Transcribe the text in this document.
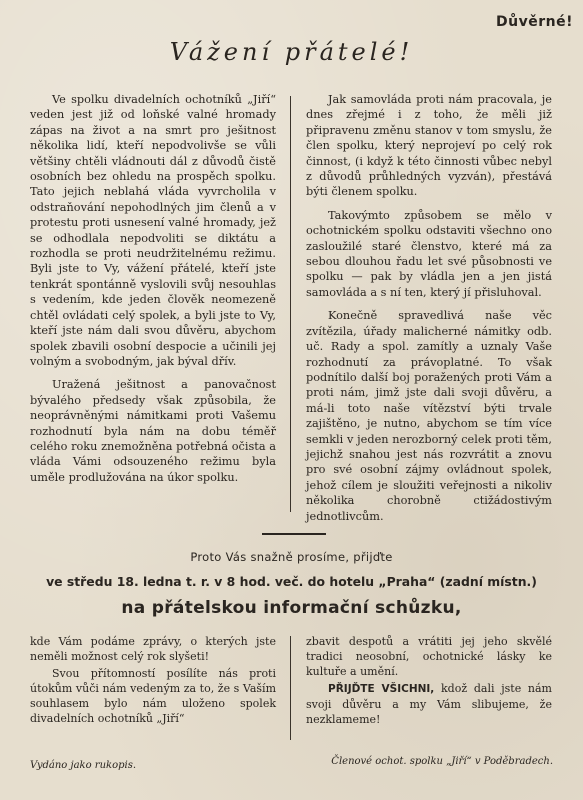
Důvěrné!
Vážení přátelé!

Ve spolku divadelních ochotníků „Jiří“ veden jest již od loňské valné hromady zápas na život a na smrt pro ješitnost několika lidí, kteří nepodvolivše se vůli většiny chtěli vládnouti dál z důvodů čistě osobních bez ohledu na prospěch spolku. Tato jejich neblahá vláda vyvrcholila v odstraňování nepohodlných jim členů a v protestu proti usnesení valné hromady, jež se odhodlala nepodvoliti se diktátu a rozhodla se proti neudržitelnému režimu. Byli jste to Vy, vážení přátelé, kteří jste tenkrát spontánně vyslovili svůj nesouhlas s vedením, kde jeden člověk neomezeně chtěl ovládati celý spolek, a byli jste to Vy, kteří jste nám dali svou důvěru, abychom spolek zbavili osobní despocie a učinili jej volným a svobodným, jak býval dřív.

Uražená ješitnost a panovačnost bývalého předsedy však způsobila, že neoprávněnými námitkami proti Vašemu rozhodnutí byla nám na dobu téměř celého roku znemožněna potřebná očista a vláda Vámi odsouzeného režimu byla uměle prodlužována na úkor spolku.

Jak samovláda proti nám pracovala, je dnes zřejmé i z toho, že měli již připravenu změnu stanov v tom smyslu, že člen spolku, který neprojeví po celý rok činnost, (i když k této činnosti vůbec nebyl z důvodů průhledných vyzván), přestává býti členem spolku.

Takovýmto způsobem se mělo v ochotnickém spolku odstaviti všechno ono zasloužilé staré členstvo, které má za sebou dlouhou řadu let své působnosti ve spolku — pak by vládla jen a jen jistá samovláda a s ní ten, který jí přisluhoval.

Konečně spravedlivá naše věc zvítězila, úřady malicherné námitky odb. uč. Rady a spol. zamítly a uznaly Vaše rozhodnutí za právoplatné. To však podnítilo další boj poražených proti Vám a proti nám, jimž jste dali svoji důvěru, a má-li toto naše vítězství býti trvale zajištěno, je nutno, abychom se tím více semkli v jeden nerozborný celek proti těm, jejichž snahou jest nás rozvrátit a znovu pro své osobní zájmy ovládnout spolek, jehož cílem je sloužiti veřejnosti a nikoliv několika chorobně ctižádostivým jednotlivcům.

Proto Vás snažně prosíme, přijďte
ve středu 18. ledna t. r. v 8 hod. več. do hotelu „Praha“ (zadní místn.)
na přátelskou informační schůzku,

kde Vám podáme zprávy, o kterých jste neměli možnost celý rok slyšeti!

Svou přítomností posílíte nás proti útokům vůči nám vedeným za to, že s Vaším souhlasem bylo nám uloženo spolek divadelních ochotníků „Jiří“

zbavit despotů a vrátiti jej jeho skvělé tradici neosobní, ochotnické lásky ke kultuře a umění.

PŘIJĎTE VŠICHNI, kdož dali jste nám svoji důvěru a my Vám slibujeme, že nezklameme!

Vydáno jako rukopis.	Členové ochot. spolku „Jiří“ v Poděbradech.
